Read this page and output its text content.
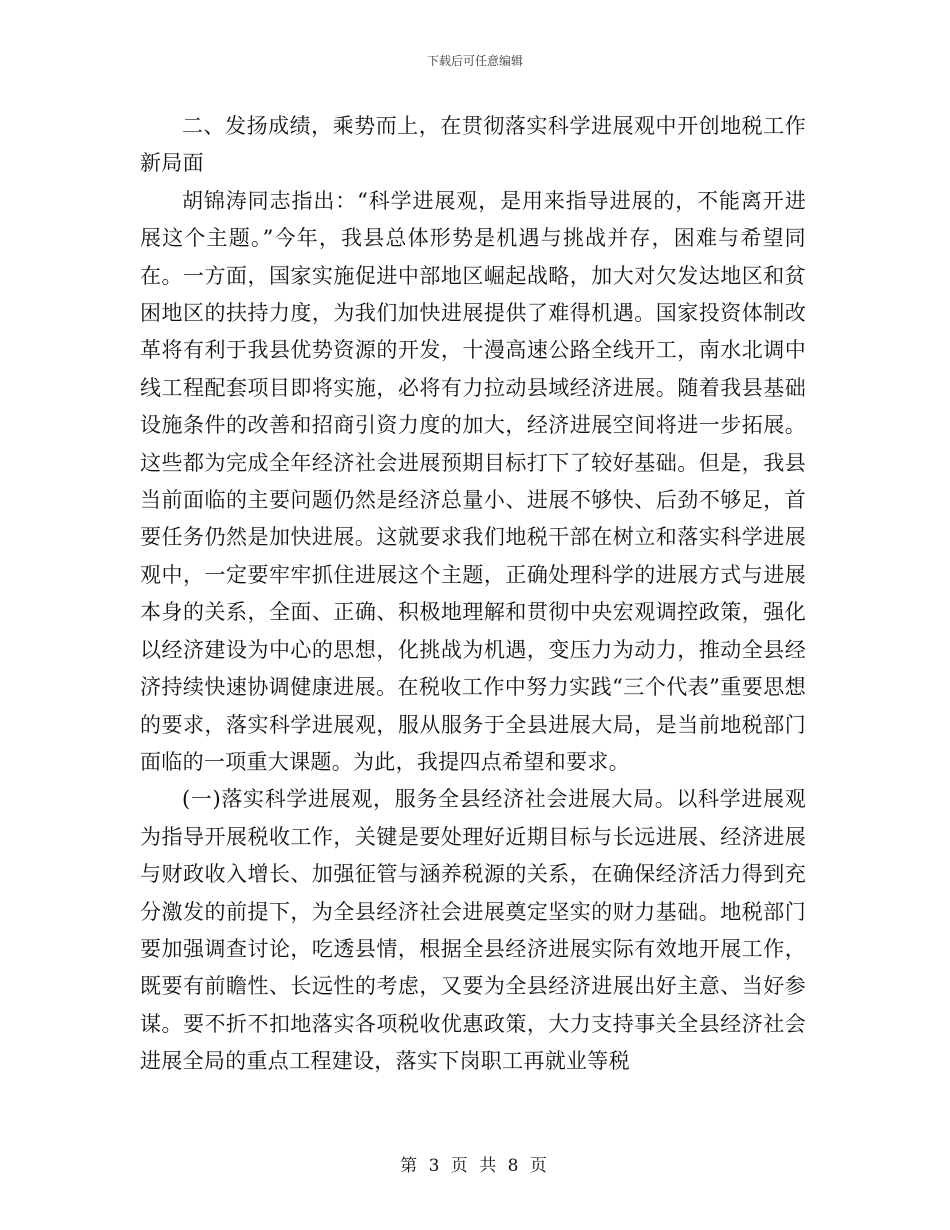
下载后可任意编辑

二、发扬成绩，乘势而上，在贯彻落实科学进展观中开创地税工作新局面

胡锦涛同志指出：“科学进展观，是用来指导进展的，不能离开进展这个主题。”今年，我县总体形势是机遇与挑战并存，困难与希望同在。一方面，国家实施促进中部地区崛起战略，加大对欠发达地区和贫困地区的扶持力度，为我们加快进展提供了难得机遇。国家投资体制改革将有利于我县优势资源的开发，十漫高速公路全线开工，南水北调中线工程配套项目即将实施，必将有力拉动县域经济进展。随着我县基础设施条件的改善和招商引资力度的加大，经济进展空间将进一步拓展。这些都为完成全年经济社会进展预期目标打下了较好基础。但是，我县当前面临的主要问题仍然是经济总量小、进展不够快、后劲不够足，首要任务仍然是加快进展。这就要求我们地税干部在树立和落实科学进展观中，一定要牢牢抓住进展这个主题，正确处理科学的进展方式与进展本身的关系，全面、正确、积极地理解和贯彻中央宏观调控政策，强化以经济建设为中心的思想，化挑战为机遇，变压力为动力，推动全县经济持续快速协调健康进展。在税收工作中努力实践“三个代表”重要思想的要求，落实科学进展观，服从服务于全县进展大局，是当前地税部门面临的一项重大课题。为此，我提四点希望和要求。

(一)落实科学进展观，服务全县经济社会进展大局。以科学进展观为指导开展税收工作，关键是要处理好近期目标与长远进展、经济进展与财政收入增长、加强征管与涵养税源的关系，在确保经济活力得到充分激发的前提下，为全县经济社会进展奠定坚实的财力基础。地税部门要加强调查讨论，吃透县情，根据全县经济进展实际有效地开展工作，既要有前瞻性、长远性的考虑，又要为全县经济进展出好主意、当好参谋。要不折不扣地落实各项税收优惠政策，大力支持事关全县经济社会进展全局的重点工程建设，落实下岗职工再就业等税

第 3 页 共 8 页
